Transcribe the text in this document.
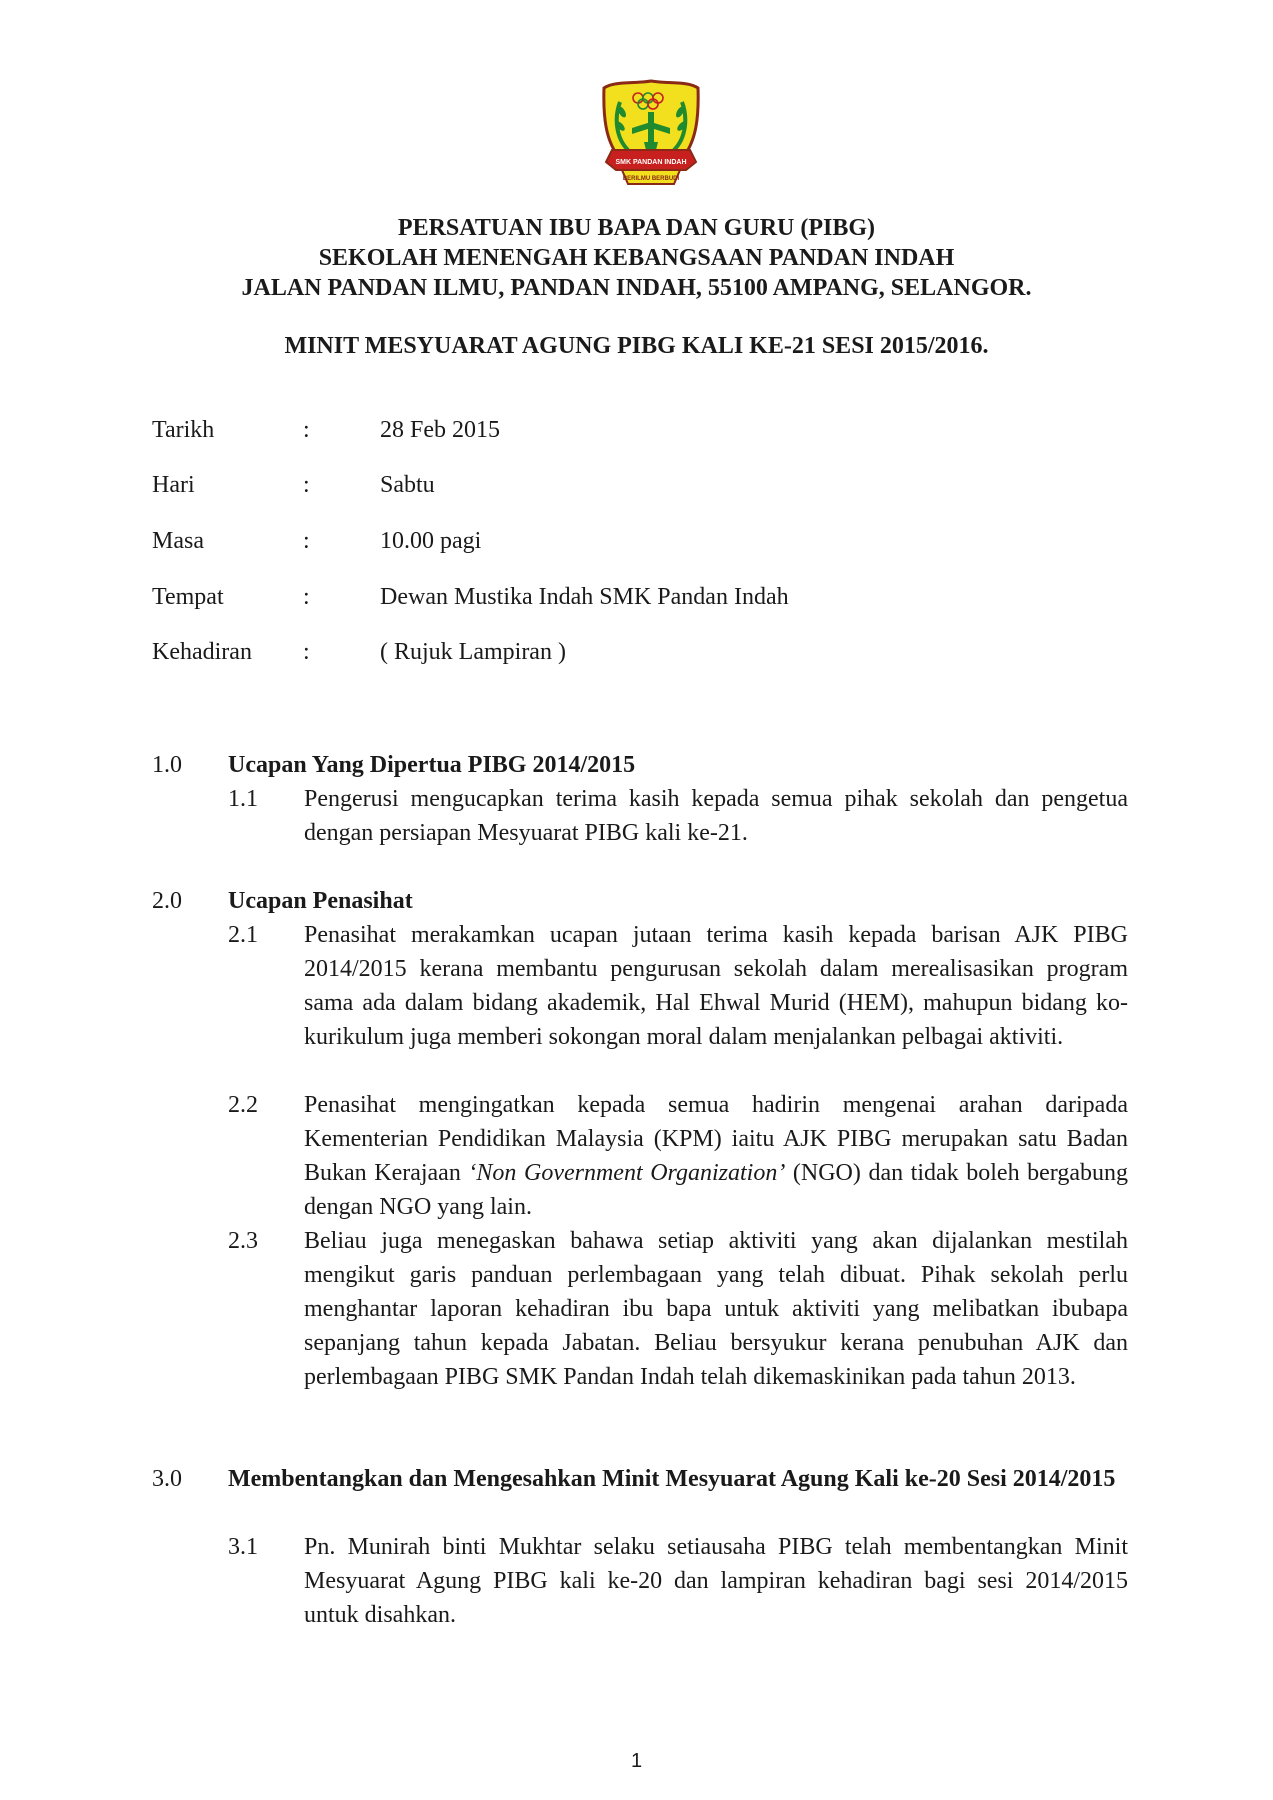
SMK PANDAN INDAH
BERILMU BERBUDI
PERSATUAN IBU BAPA DAN GURU (PIBG)
SEKOLAH MENENGAH KEBANGSAAN PANDAN INDAH
JALAN PANDAN ILMU, PANDAN INDAH, 55100 AMPANG, SELANGOR.
MINIT MESYUARAT AGUNG PIBG KALI KE-21 SESI 2015/2016.
Tarikh	:	28 Feb 2015
Hari	:	Sabtu
Masa	:	10.00 pagi
Tempat	:	Dewan Mustika Indah SMK Pandan Indah
Kehadiran :	( Rujuk Lampiran )
1.0 Ucapan Yang Dipertua PIBG 2014/2015
1.1 Pengerusi mengucapkan terima kasih kepada semua pihak sekolah dan pengetua dengan persiapan Mesyuarat PIBG kali ke-21.
2.0 Ucapan Penasihat
2.1 Penasihat merakamkan ucapan jutaan terima kasih kepada barisan AJK PIBG 2014/2015 kerana membantu pengurusan sekolah dalam merealisasikan program sama ada dalam bidang akademik, Hal Ehwal Murid (HEM), mahupun bidang ko-kurikulum juga memberi sokongan moral dalam menjalankan pelbagai aktiviti.
2.2 Penasihat mengingatkan kepada semua hadirin mengenai arahan daripada Kementerian Pendidikan Malaysia (KPM) iaitu AJK PIBG merupakan satu Badan Bukan Kerajaan ‘Non Government Organization’ (NGO) dan tidak boleh bergabung dengan NGO yang lain.
2.3 Beliau juga menegaskan bahawa setiap aktiviti yang akan dijalankan mestilah mengikut garis panduan perlembagaan yang telah dibuat. Pihak sekolah perlu menghantar laporan kehadiran ibu bapa untuk aktiviti yang melibatkan ibubapa sepanjang tahun kepada Jabatan. Beliau bersyukur kerana penubuhan AJK dan perlembagaan PIBG SMK Pandan Indah telah dikemaskinikan pada tahun 2013.
3.0 Membentangkan dan Mengesahkan Minit Mesyuarat Agung Kali ke-20 Sesi 2014/2015
3.1 Pn. Munirah binti Mukhtar selaku setiausaha PIBG telah membentangkan Minit Mesyuarat Agung PIBG kali ke-20 dan lampiran kehadiran bagi sesi 2014/2015 untuk disahkan.
1
